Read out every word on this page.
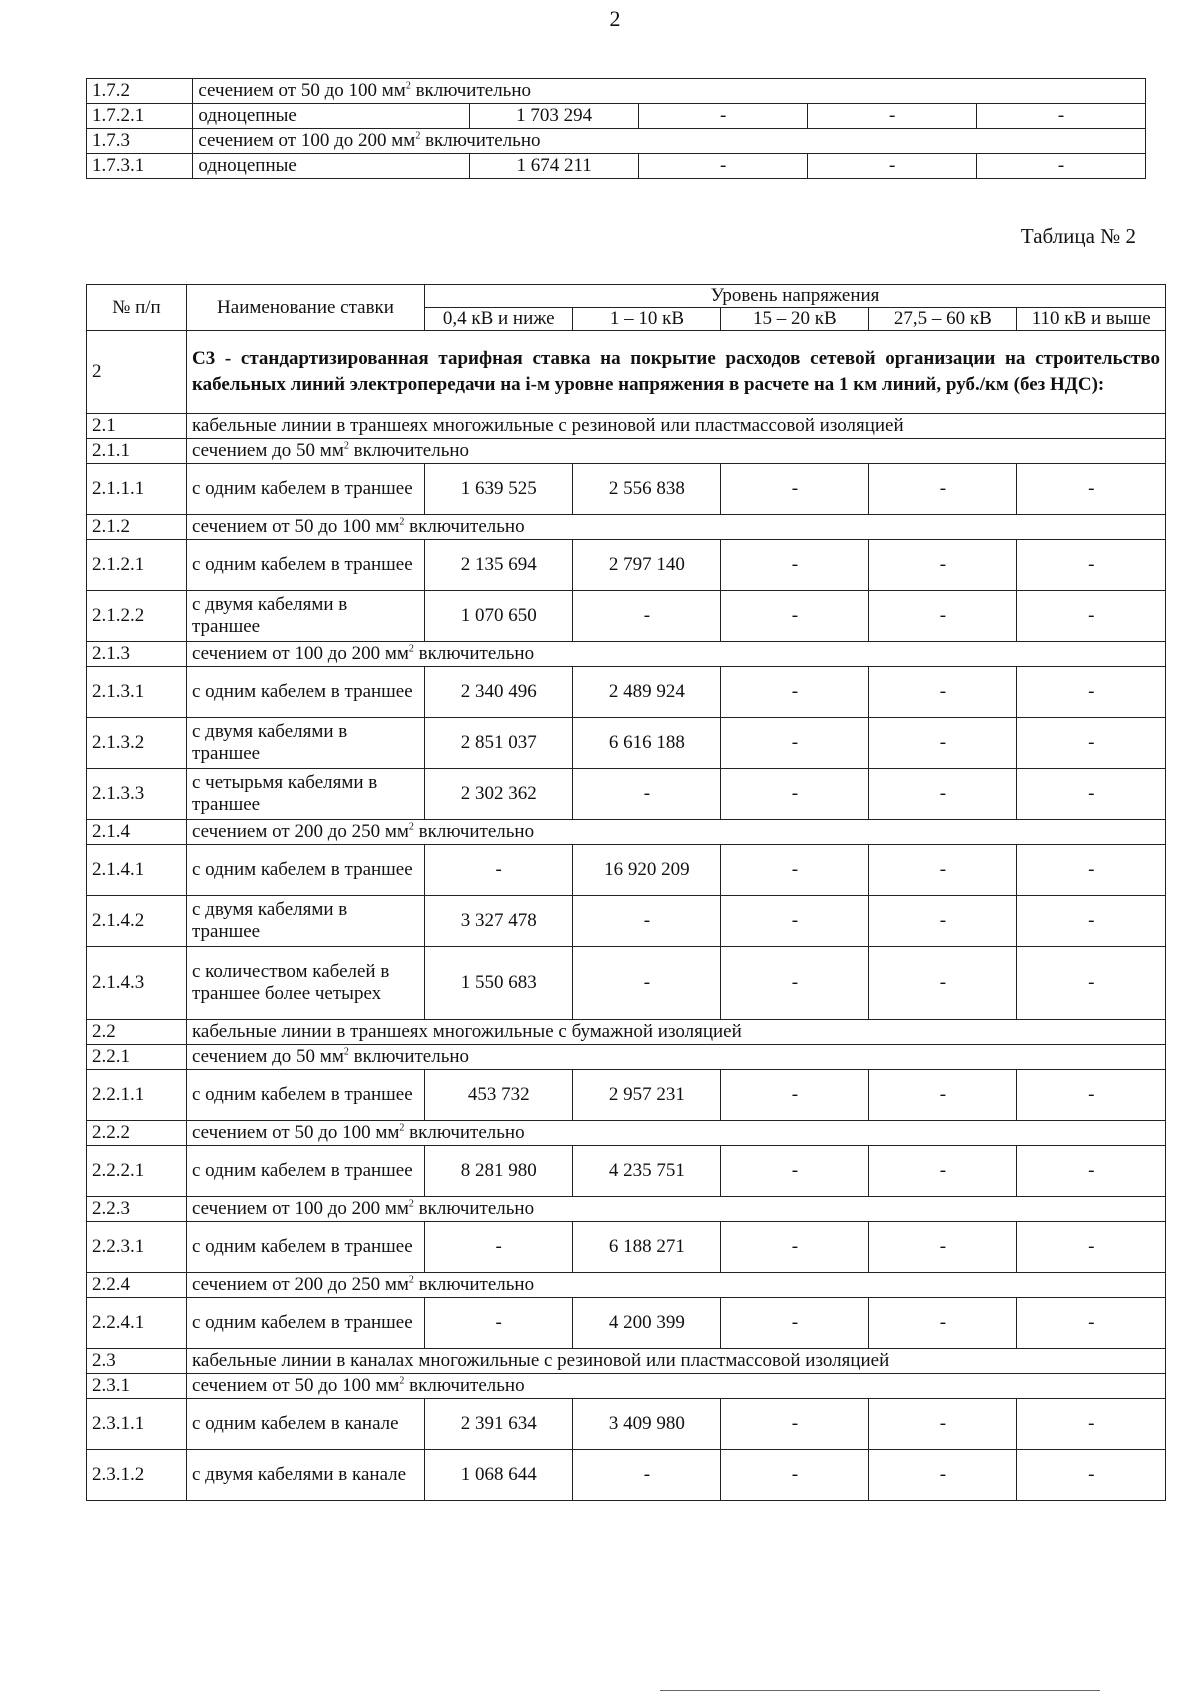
2
1.7.2	сечением от 50 до 100 $мм^2$ включительно				
1.7.2.1	одноцепные	1 703 294	-	-	-
1.7.3	сечением от 100 до 200 $мм^2$ включительно				
1.7.3.1	одноцепные	1 674 211	-	-	-
Таблица № 2
№ п/п	Наименование ставки	Уровень напряжения				
		0,4 кВ и ниже	1 – 10 кВ	15 – 20 кВ	27,5 – 60 кВ	110 кВ и выше
2	С3 - стандартизированная тарифная ставка на покрытие расходов сетевой организации на строительство кабельных линий электропередачи на i-м уровне напряжения в расчете на 1 км линий, руб./км (без НДС):					
2.1	кабельные линии в траншеях многожильные с резиновой или пластмассовой изоляцией					
2.1.1	сечением до 50 $мм^2$ включительно					
2.1.1.1	с одним кабелем в траншее	1 639 525	2 556 838	-	-	-
2.1.2	сечением от 50 до 100 $мм^2$ включительно					
2.1.2.1	с одним кабелем в траншее	2 135 694	2 797 140	-	-	-
2.1.2.2	с двумя кабелями в траншее	1 070 650	-	-	-	-
2.1.3	сечением от 100 до 200 $мм^2$ включительно					
2.1.3.1	с одним кабелем в траншее	2 340 496	2 489 924	-	-	-
2.1.3.2	с двумя кабелями в траншее	2 851 037	6 616 188	-	-	-
2.1.3.3	с четырьмя кабелями в траншее	2 302 362	-	-	-	-
2.1.4	сечением от 200 до 250 $мм^2$ включительно					
2.1.4.1	с одним кабелем в траншее	-	16 920 209	-	-	-
2.1.4.2	с двумя кабелями в траншее	3 327 478	-	-	-	-
2.1.4.3	с количеством кабелей в траншее более четырех	1 550 683	-	-	-	-
2.2	кабельные линии в траншеях многожильные с бумажной изоляцией					
2.2.1	сечением до 50 $мм^2$ включительно					
2.2.1.1	с одним кабелем в траншее	453 732	2 957 231	-	-	-
2.2.2	сечением от 50 до 100 $мм^2$ включительно					
2.2.2.1	с одним кабелем в траншее	8 281 980	4 235 751	-	-	-
2.2.3	сечением от 100 до 200 $мм^2$ включительно					
2.2.3.1	с одним кабелем в траншее	-	6 188 271	-	-	-
2.2.4	сечением от 200 до 250 $мм^2$ включительно					
2.2.4.1	с одним кабелем в траншее	-	4 200 399	-	-	-
2.3	кабельные линии в каналах многожильные с резиновой или пластмассовой изоляцией					
2.3.1	сечением от 50 до 100 $мм^2$ включительно					
2.3.1.1	с одним кабелем в канале	2 391 634	3 409 980	-	-	-
2.3.1.2	с двумя кабелями в канале	1 068 644	-	-	-	-
